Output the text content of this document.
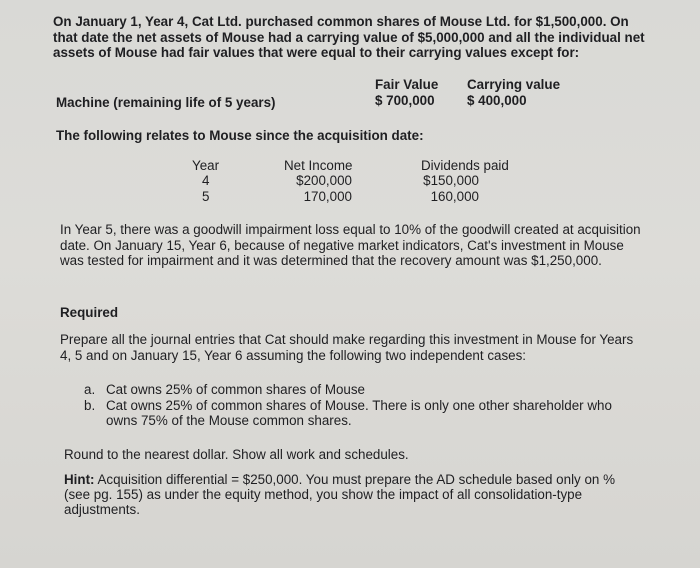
On January 1, Year 4, Cat Ltd. purchased common shares of Mouse Ltd. for $1,500,000. On that date the net assets of Mouse had a carrying value of $5,000,000 and all the individual net assets of Mouse had fair values that were equal to their carrying values except for:
Fair Value Carrying value
$ 700,000 $ 400,000
Machine (remaining life of 5 years)
The following relates to Mouse since the acquisition date:
Year
4
5
Net Income
$200,000
170,000
Dividends paid
$150,000
160,000
In Year 5, there was a goodwill impairment loss equal to 10% of the goodwill created at acquisition date. On January 15, Year 6, because of negative market indicators, Cat's investment in Mouse was tested for impairment and it was determined that the recovery amount was $1,250,000.
Required
Prepare all the journal entries that Cat should make regarding this investment in Mouse for Years 4, 5 and on January 15, Year 6 assuming the following two independent cases:
a. Cat owns 25% of common shares of Mouse
b. Cat owns 25% of common shares of Mouse. There is only one other shareholder who owns 75% of the Mouse common shares.
Round to the nearest dollar. Show all work and schedules.
Hint: Acquisition differential = $250,000. You must prepare the AD schedule based only on % (see pg. 155) as under the equity method, you show the impact of all consolidation-type adjustments.
